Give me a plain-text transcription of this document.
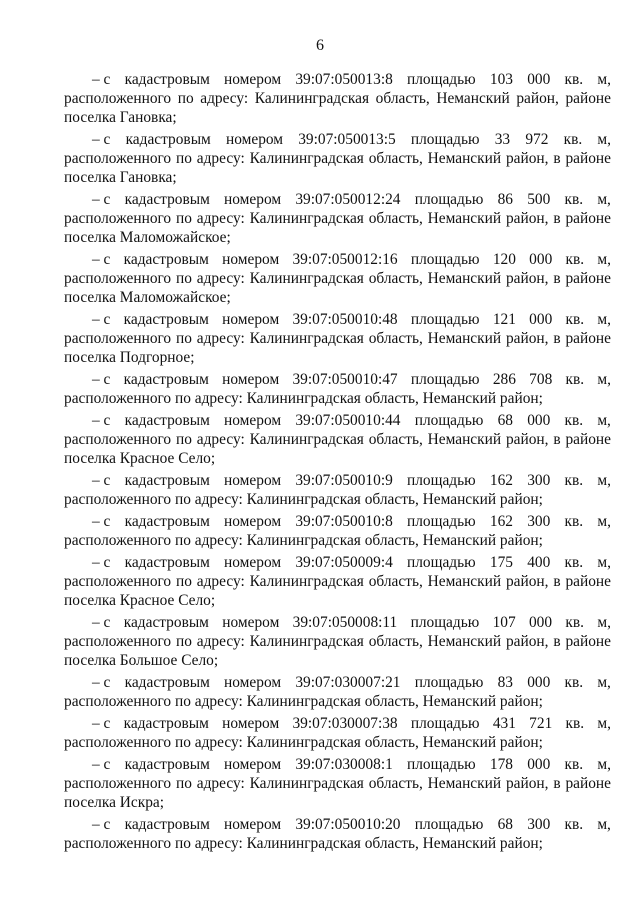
6
– с кадастровым номером 39:07:050013:8 площадью 103 000 кв. м,
расположенного по адресу: Калининградская область, Неманский район, районе
поселка Гановка;
– с кадастровым номером 39:07:050013:5 площадью 33 972 кв. м,
расположенного по адресу: Калининградская область, Неманский район, в районе
поселка Гановка;
– с кадастровым номером 39:07:050012:24 площадью 86 500 кв. м,
расположенного по адресу: Калининградская область, Неманский район, в районе
поселка Маломожайское;
– с кадастровым номером 39:07:050012:16 площадью 120 000 кв. м,
расположенного по адресу: Калининградская область, Неманский район, в районе
поселка Маломожайское;
– с кадастровым номером 39:07:050010:48 площадью 121 000 кв. м,
расположенного по адресу: Калининградская область, Неманский район, в районе
поселка Подгорное;
– с кадастровым номером 39:07:050010:47 площадью 286 708 кв. м,
расположенного по адресу: Калининградская область, Неманский район;
– с кадастровым номером 39:07:050010:44 площадью 68 000 кв. м,
расположенного по адресу: Калининградская область, Неманский район, в районе
поселка Красное Село;
– с кадастровым номером 39:07:050010:9 площадью 162 300 кв. м,
расположенного по адресу: Калининградская область, Неманский район;
– с кадастровым номером 39:07:050010:8 площадью 162 300 кв. м,
расположенного по адресу: Калининградская область, Неманский район;
– с кадастровым номером 39:07:050009:4 площадью 175 400 кв. м,
расположенного по адресу: Калининградская область, Неманский район, в районе
поселка Красное Село;
– с кадастровым номером 39:07:050008:11 площадью 107 000 кв. м,
расположенного по адресу: Калининградская область, Неманский район, в районе
поселка Большое Село;
– с кадастровым номером 39:07:030007:21 площадью 83 000 кв. м,
расположенного по адресу: Калининградская область, Неманский район;
– с кадастровым номером 39:07:030007:38 площадью 431 721 кв. м,
расположенного по адресу: Калининградская область, Неманский район;
– с кадастровым номером 39:07:030008:1 площадью 178 000 кв. м,
расположенного по адресу: Калининградская область, Неманский район, в районе
поселка Искра;
– с кадастровым номером 39:07:050010:20 площадью 68 300 кв. м,
расположенного по адресу: Калининградская область, Неманский район;
